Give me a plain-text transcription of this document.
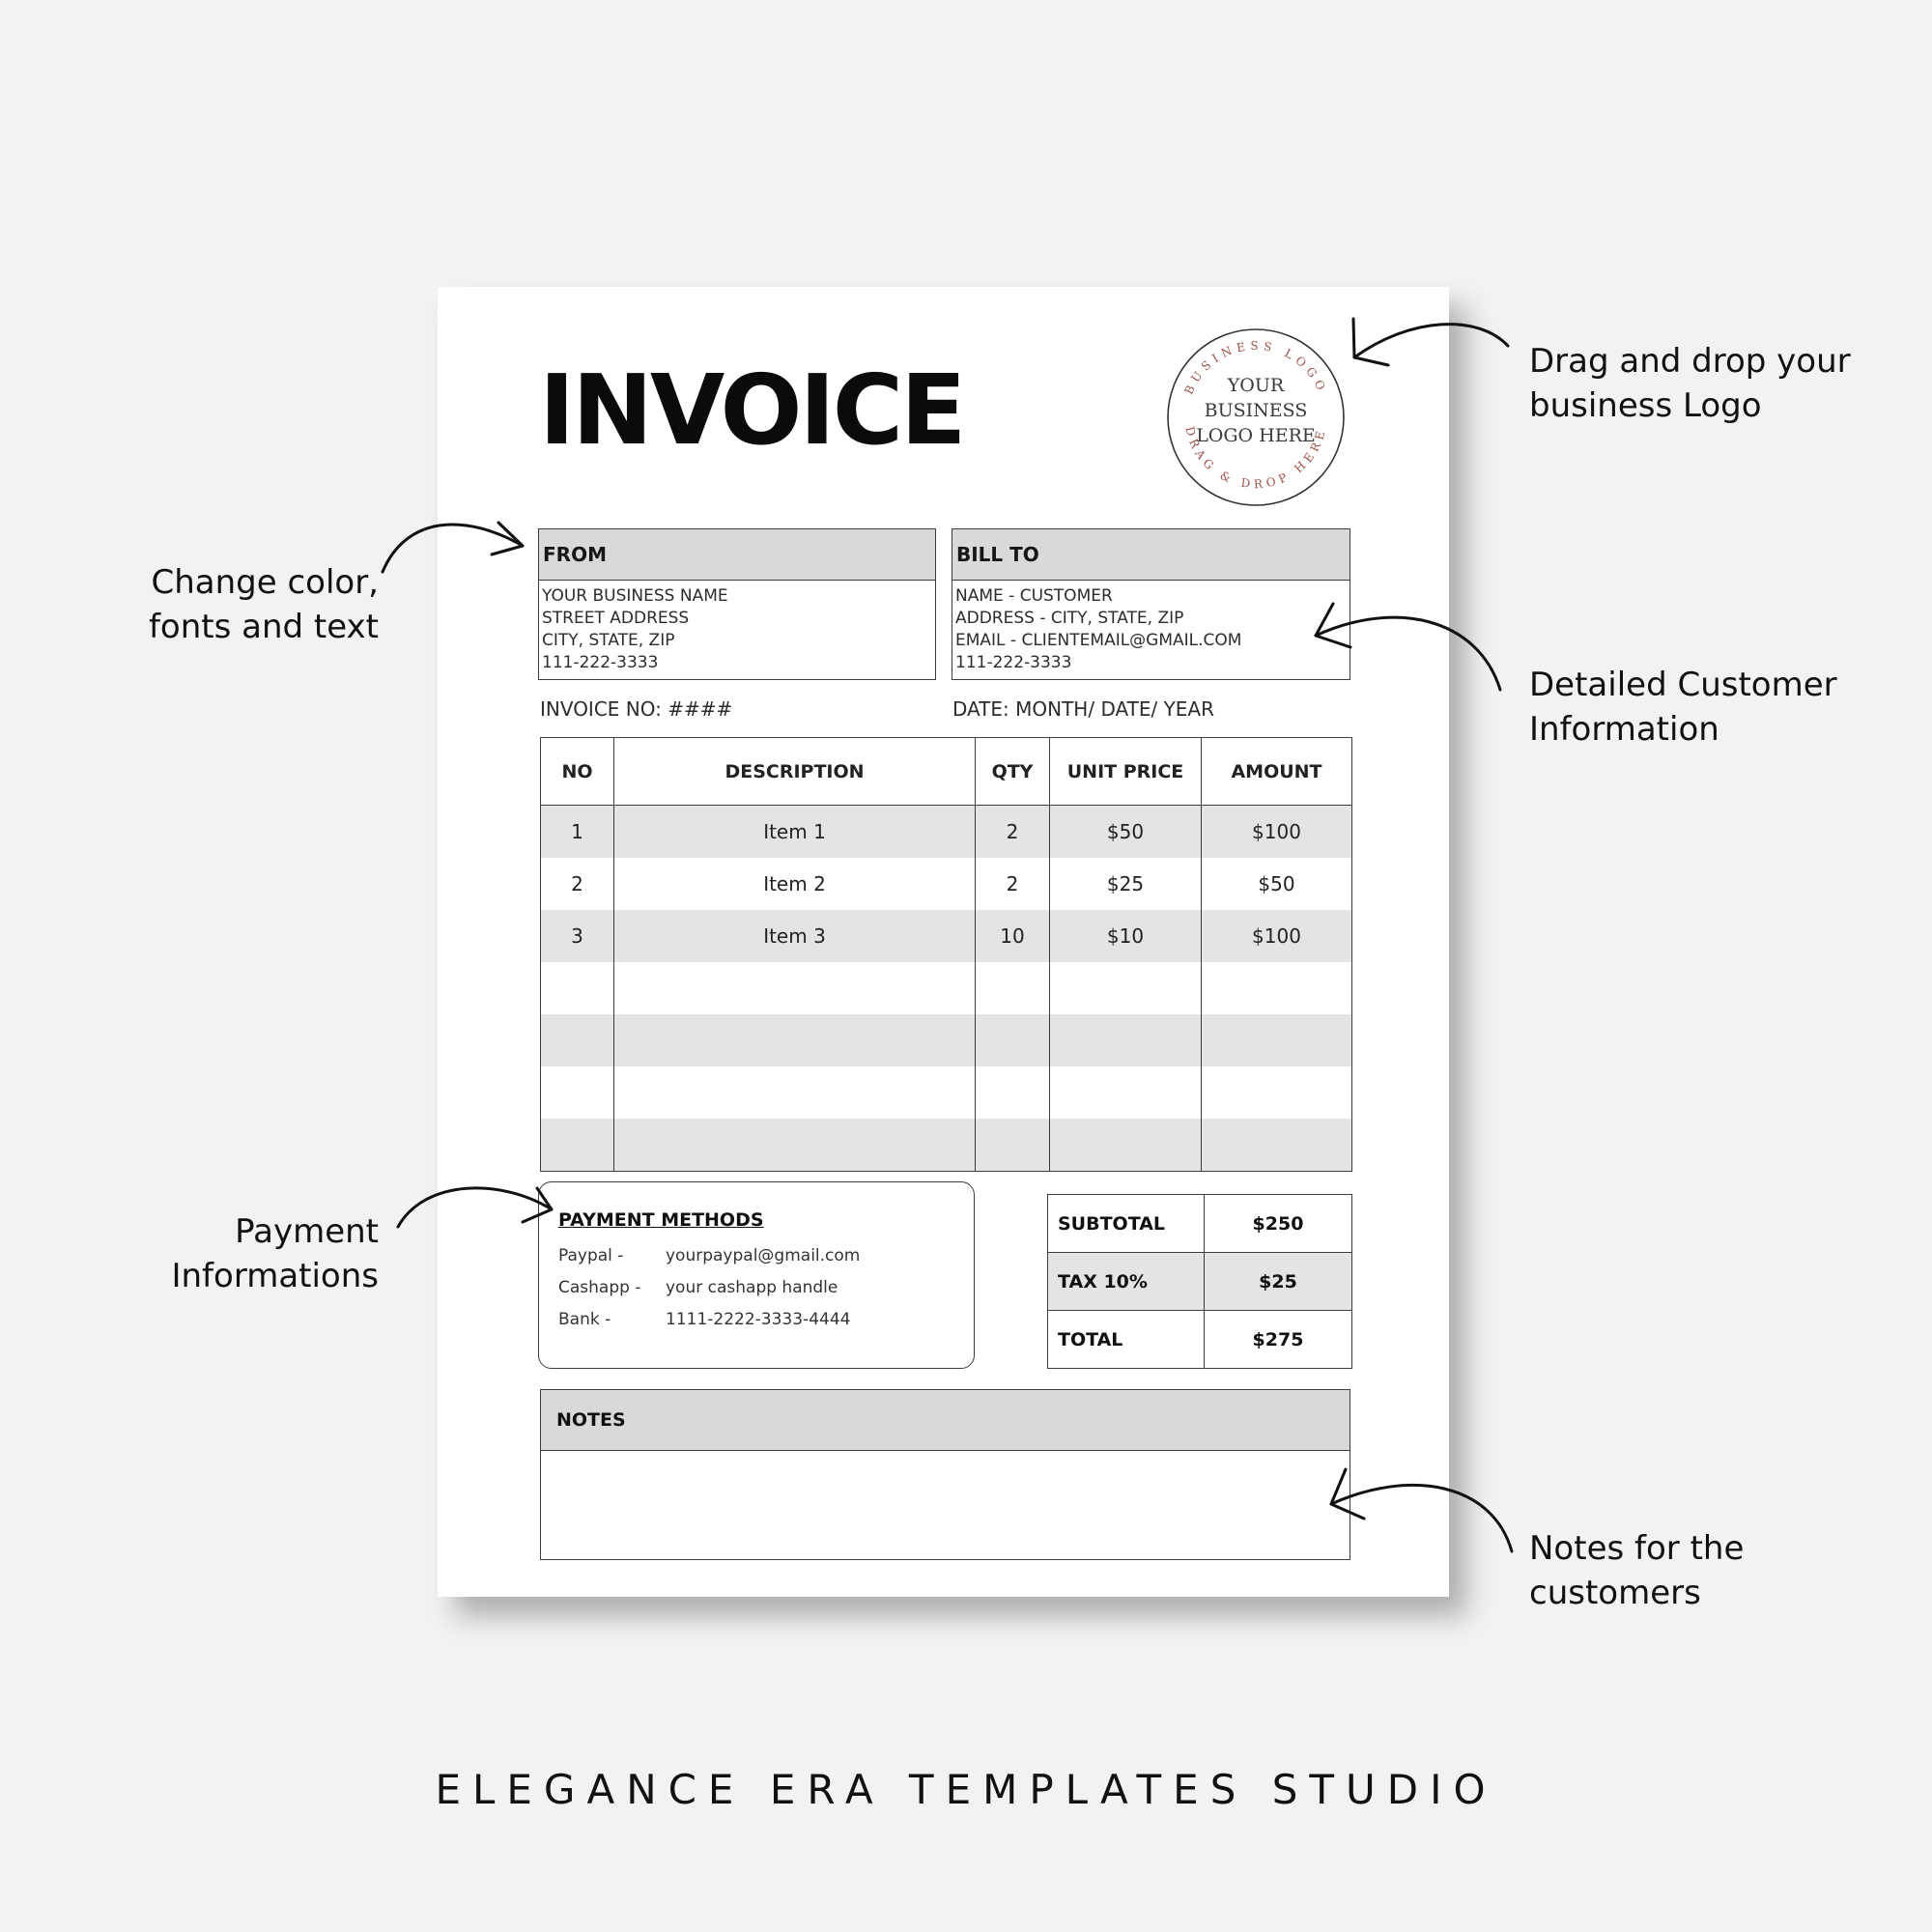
INVOICE	BUSINESS LOGO
DRAG & DROP HERE
YOUR
BUSINESS
LOGO HERE
FROM
YOUR BUSINESS NAME
STREET ADDRESS
CITY, STATE, ZIP
111-222-3333
BILL TO
NAME - CUSTOMER
ADDRESS - CITY, STATE, ZIP
EMAIL - CLIENTEMAIL@GMAIL.COM
111-222-3333
INVOICE NO: ####	DATE: MONTH/ DATE/ YEAR
NO	DESCRIPTION	QTY	UNIT PRICE	AMOUNT
1	Item 1	2	$50	$100
2	Item 2	2	$25	$50
3	Item 3	10	$10	$100

PAYMENT METHODS
Paypal -	yourpaypal@gmail.com
Cashapp - your cashapp handle
Bank -	1111-2222-3333-4444
SUBTOTAL	$250
TAX 10%	$25
TOTAL	$275
NOTES
Drag and drop your
business Logo
Change color,
fonts and text
Detailed Customer
Information
Payment
Informations
Notes for the
customers
ELEGANCE ERA TEMPLATES STUDIO
